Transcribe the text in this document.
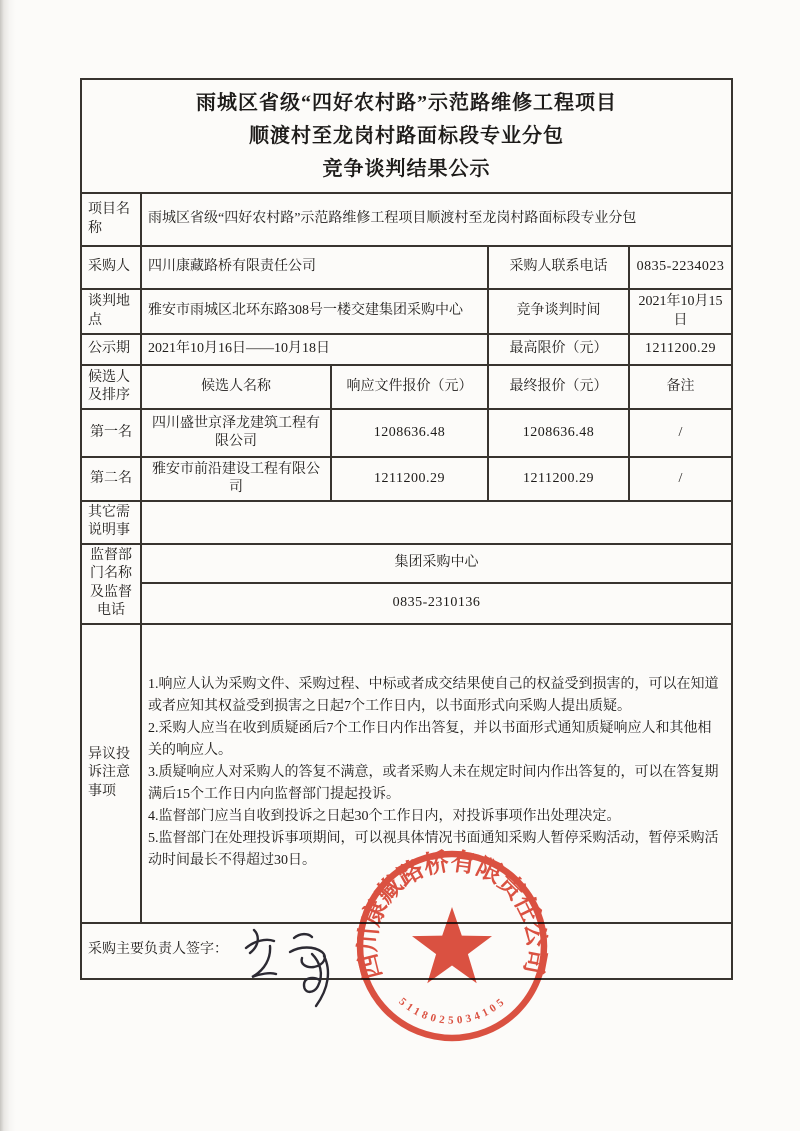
雨城区省级“四好农村路”示范路维修工程项目
顺渡村至龙岗村路面标段专业分包
竞争谈判结果公示				

项目名称	雨城区省级“四好农村路”示范路维修工程项目顺渡村至龙岗村路面标段专业分包			
采购人	四川康藏路桥有限责任公司		采购人联系电话	0835-2234023
谈判地点	雅安市雨城区北环东路308号一楼交建集团采购中心		竞争谈判时间	2021年10月15日
公示期	2021年10月16日——10月18日		最高限价（元）	1211200.29
候选人及排序	候选人名称	响应文件报价（元）	最终报价（元）	备注
第一名	四川盛世京泽龙建筑工程有限公司	1208636.48	1208636.48	/
第二名	雅安市前沿建设工程有限公司	1211200.29	1211200.29	/
其它需说明事				
监督部门名称及监督电话	集团采购中心			
	0835-2310136			
异议投诉注意事项	1.响应人认为采购文件、采购过程、中标或者成交结果使自己的权益受到损害的，可以在知道或者应知其权益受到损害之日起7个工作日内，以书面形式向采购人提出质疑。

2.采购人应当在收到质疑函后7个工作日内作出答复，并以书面形式通知质疑响应人和其他相关的响应人。

3.质疑响应人对采购人的答复不满意，或者采购人未在规定时间内作出答复的，可以在答复期满后15个工作日内向监督部门提起投诉。

4.监督部门应当自收到投诉之日起30个工作日内，对投诉事项作出处理决定。

5.监督部门在处理投诉事项期间，可以视具体情况书面通知采购人暂停采购活动，暂停采购活动时间最长不得超过30日。			

采购主要负责人签字：				
四川康藏路桥有限责任公司
5118025034105
